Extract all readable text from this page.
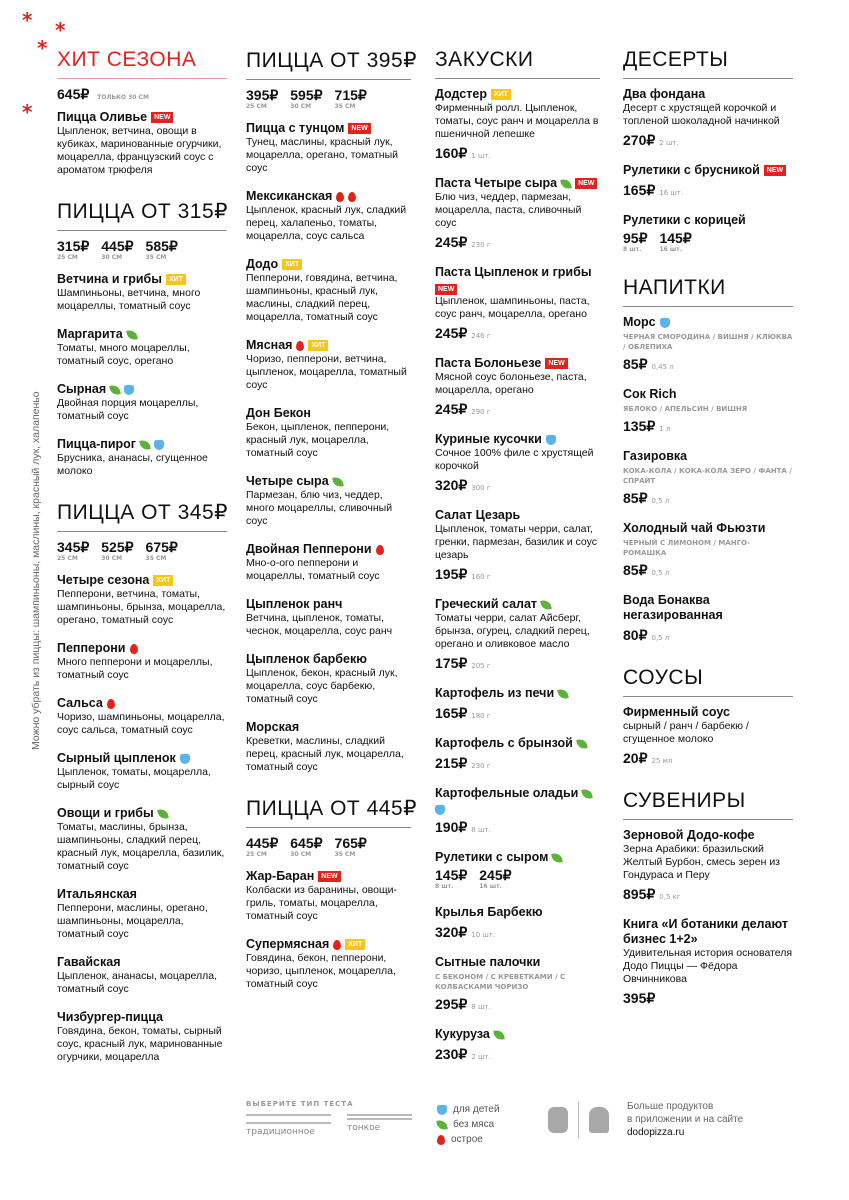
* *
*
*
Можно убрать из пиццы: шампиньоны, маслины, красный лук, халапеньо
ХИТ СЕЗОНА
645₽ ТОЛЬКО 30 СМ
Пицца Оливье	NEW
Цыпленок, ветчина, овощи в кубиках, маринованные огурчики, моцарелла, французский соус с ароматом трюфеля
ПИЦЦА ОТ 315₽
315₽
25 СМ
445₽
30 СМ
585₽
35 СМ
Ветчина и грибы	ХИТ
Шампиньоны, ветчина, много моцареллы, томатный соус
Маргарита
Томаты, много моцареллы, томатный соус, орегано
Сырная
Двойная порция моцареллы, томатный соус
Пицца-пирог
Брусника, ананасы, сгущенное молоко
ПИЦЦА ОТ 345₽
345₽
25 СМ
525₽
30 СМ
675₽
35 СМ
Четыре сезона	ХИТ
Пепперони, ветчина, томаты, шампиньоны, брынза, моцарелла, орегано, томатный соус
Пепперони
Много пепперони и моцареллы, томатный соус
Сальса
Чоризо, шампиньоны, моцарелла, соус сальса, томатный соус
Сырный цыпленок
Цыпленок, томаты, моцарелла, сырный соус
Овощи и грибы
Томаты, маслины, брынза, шампиньоны, сладкий перец, красный лук, моцарелла, базилик, томатный соус
Итальянская
Пепперони, маслины, орегано, шампиньоны, моцарелла, томатный соус
Гавайская
Цыпленок, ананасы, моцарелла, томатный соус
Чизбургер-пицца
Говядина, бекон, томаты, сырный соус, красный лук, маринованные огурчики, моцарелла
ПИЦЦА ОТ 395₽
395₽
25 СМ
595₽
30 СМ
715₽
35 СМ
Пицца с тунцом	NEW
Тунец, маслины, красный лук, моцарелла, орегано, томатный соус
Мексиканская
Цыпленок, красный лук, сладкий перец, халапеньо, томаты, моцарелла, соус сальса
Додо	ХИТ
Пепперони, говядина, ветчина, шампиньоны, красный лук, маслины, сладкий перец, моцарелла, томатный соус
Мясная	ХИТ
Чоризо, пепперони, ветчина, цыпленок, моцарелла, томатный соус
Дон Бекон
Бекон, цыпленок, пепперони, красный лук, моцарелла, томатный соус
Четыре сыра
Пармезан, блю чиз, чеддер, много моцареллы, сливочный соус
Двойная Пепперони
Мно-о-ого пепперони и моцареллы, томатный соус
Цыпленок ранч
Ветчина, цыпленок, томаты, чеснок, моцарелла, соус ранч
Цыпленок барбекю
Цыпленок, бекон, красный лук, моцарелла, соус барбекю, томатный соус
Морская
Креветки, маслины, сладкий перец, красный лук, моцарелла, томатный соус
ПИЦЦА ОТ 445₽
445₽
25 СМ
645₽
30 СМ
765₽
35 СМ
Жар-Баран	NEW
Колбаски из баранины, овощи-гриль, томаты, моцарелла, томатный соус
Супермясная	ХИТ
Говядина, бекон, пепперони, чоризо, цыпленок, моцарелла, томатный соус
ЗАКУСКИ
Додстер	ХИТ
Фирменный ролл. Цыпленок, томаты, соус ранч и моцарелла в пшеничной лепешке
160₽ 1 шт.
Паста Четыре сыра	NEW
Блю чиз, чеддер, пармезан, моцарелла, паста, сливочный соус
245₽ 230 г
Паста Цыпленок и грибы
NEW
Цыпленок, шампиньоны, паста, соус ранч, моцарелла, орегано
245₽ 246 г
Паста Болоньезе	NEW
Мясной соус болоньезе, паста, моцарелла, орегано
245₽ 290 г
Куриные кусочки
Сочное 100% филе с хрустящей корочкой
320₽ 300 г
Салат Цезарь
Цыпленок, томаты черри, салат, гренки, пармезан, базилик и соус цезарь
195₽ 160 г
Греческий салат
Томаты черри, салат Айсберг, брынза, огурец, сладкий перец, орегано и оливковое масло
175₽ 205 г
Картофель из печи
165₽ 180 г
Картофель с брынзой
215₽ 230 г
Картофельные оладьи
190₽ 8 шт.
Рулетики с сыром
145₽
8 шт.
245₽
16 шт.
Крылья Барбекю
320₽ 10 шт.
Сытные палочки
С БЕКОНОМ / С КРЕВЕТКАМИ / С КОЛБАСКАМИ ЧОРИЗО
295₽ 8 шт.
Кукуруза
230₽ 2 шт.
ДЕСЕРТЫ
Два фондана
Десерт с хрустящей корочкой и топленой шоколадной начинкой
270₽ 2 шт.
Рулетики с брусникой	NEW
165₽ 16 шт.
Рулетики с корицей
95₽
8 шт.
145₽
16 шт.
НАПИТКИ
Морс
ЧЕРНАЯ СМОРОДИНА / ВИШНЯ / КЛЮКВА / ОБЛЕПИХА
85₽ 0,45 л
Сок Rich
ЯБЛОКО / АПЕЛЬСИН / ВИШНЯ
135₽ 1 л
Газировка
КОКА-КОЛА / КОКА-КОЛА ЗЕРО / ФАНТА / СПРАЙТ
85₽ 0,5 л
Холодный чай Фьюзти
ЧЕРНЫЙ С ЛИМОНОМ / МАНГО-РОМАШКА
85₽ 0,5 л
Вода Бонаква негазированная
80₽ 0,5 л
СОУСЫ
Фирменный соус
сырный / ранч / барбекю / сгущенное молоко
20₽ 25 мл
СУВЕНИРЫ
Зерновой Додо-кофе
Зерна Арабики: бразильский Желтый Бурбон, смесь зерен из Гондураса и Перу
895₽ 0,5 кг
Книга «И ботаники делают бизнес 1+2»
Удивительная история основателя Додо Пиццы — Фёдора Овчинникова
395₽
ВЫБЕРИТЕ ТИП ТЕСТА
традиционное	тонкое
для детей
без мяса
острое
Больше продуктов
в приложении и на сайте
dodopizza.ru
